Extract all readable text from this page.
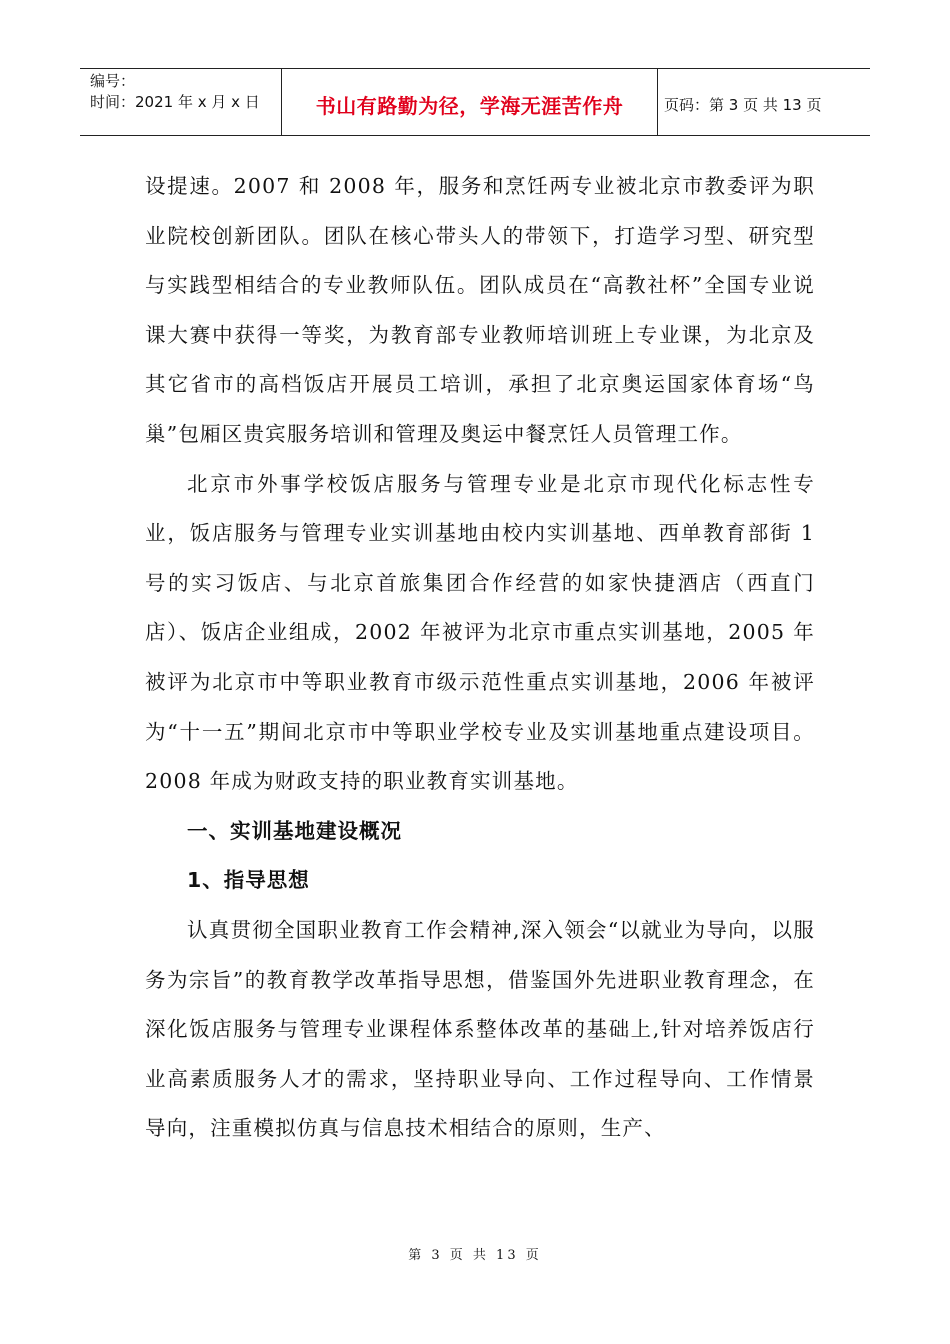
编号：
时间：2021 年 x 月 x 日	书山有路勤为径，学海无涯苦作舟	页码：第 3 页 共 13 页

设提速。2007 和 2008 年，服务和烹饪两专业被北京市教委评为职业院校创新团队。团队在核心带头人的带领下，打造学习型、研究型与实践型相结合的专业教师队伍。团队成员在“高教社杯”全国专业说课大赛中获得一等奖，为教育部专业教师培训班上专业课，为北京及其它省市的高档饭店开展员工培训，承担了北京奥运国家体育场“鸟巢”包厢区贵宾服务培训和管理及奥运中餐烹饪人员管理工作。

北京市外事学校饭店服务与管理专业是北京市现代化标志性专业，饭店服务与管理专业实训基地由校内实训基地、西单教育部街 1 号的实习饭店、与北京首旅集团合作经营的如家快捷酒店（西直门店）、饭店企业组成，2002 年被评为北京市重点实训基地，2005 年被评为北京市中等职业教育市级示范性重点实训基地，2006 年被评为“十一五”期间北京市中等职业学校专业及实训基地重点建设项目。2008 年成为财政支持的职业教育实训基地。

一、实训基地建设概况
1、指导思想

认真贯彻全国职业教育工作会精神,深入领会“以就业为导向，以服务为宗旨”的教育教学改革指导思想，借鉴国外先进职业教育理念，在深化饭店服务与管理专业课程体系整体改革的基础上,针对培养饭店行业高素质服务人才的需求，坚持职业导向、工作过程导向、工作情景导向，注重模拟仿真与信息技术相结合的原则，生产、

第 3 页 共 13 页
